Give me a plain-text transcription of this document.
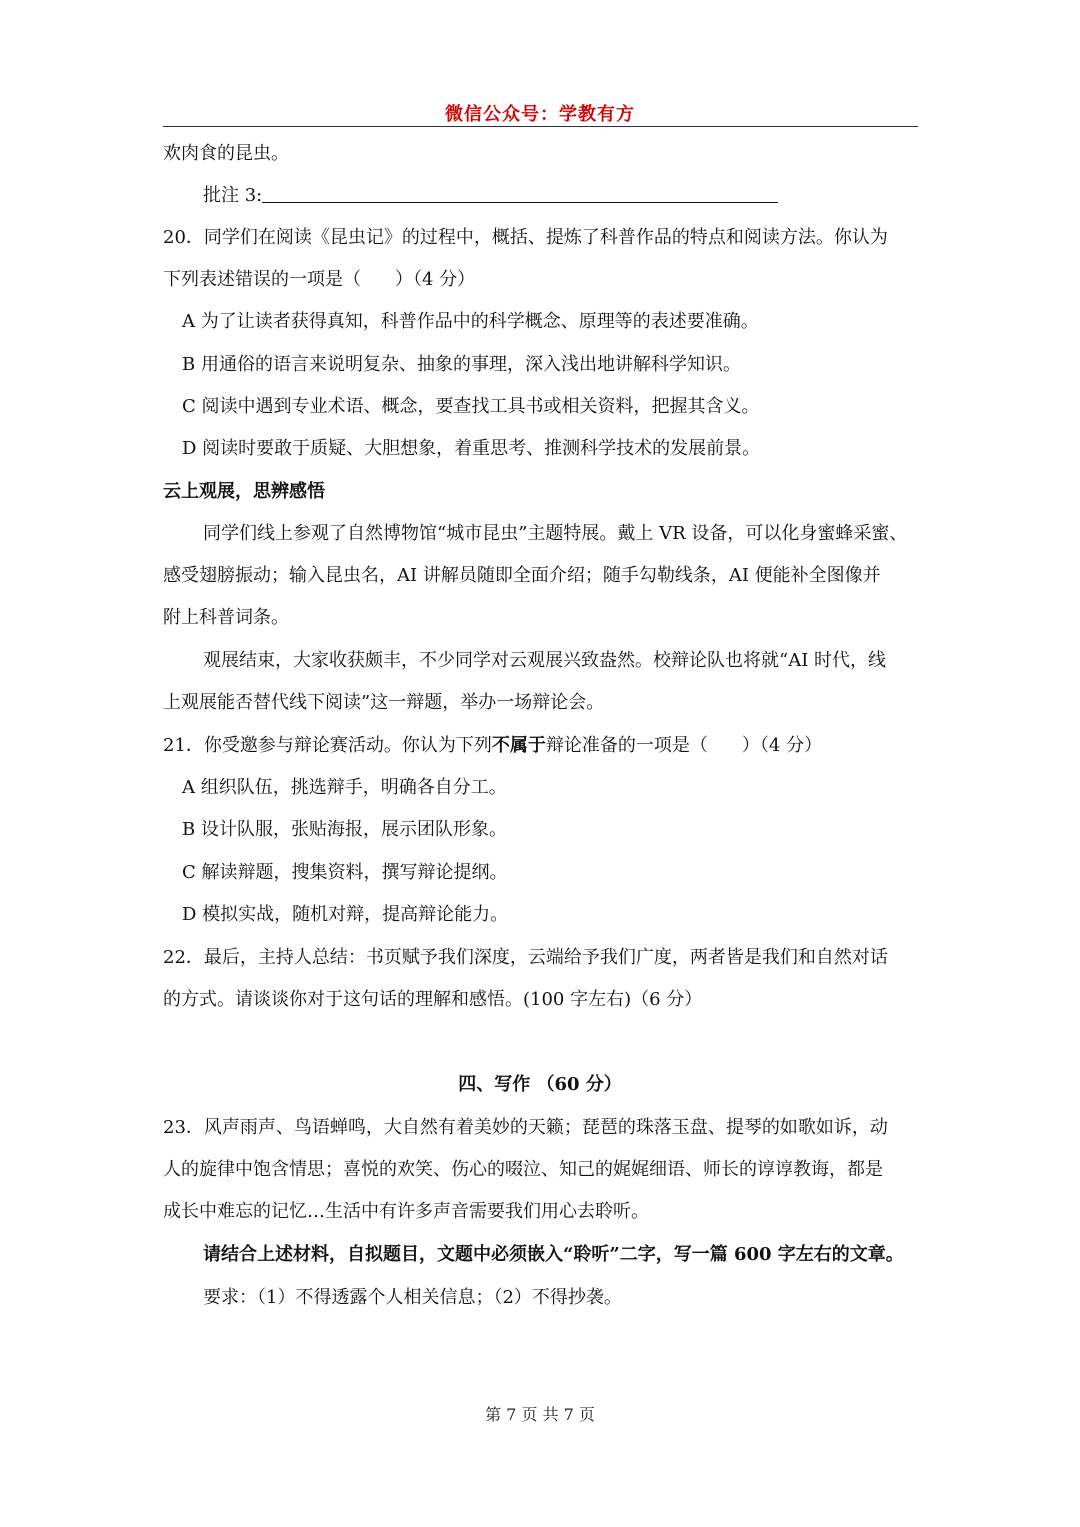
微信公众号：学教有方
欢肉食的昆虫。
批注 3:
20．同学们在阅读《昆虫记》的过程中，概括、提炼了科普作品的特点和阅读方法。你认为
下列表述错误的一项是（ ）（4 分）
A 为了让读者获得真知，科普作品中的科学概念、原理等的表述要准确。
B 用通俗的语言来说明复杂、抽象的事理，深入浅出地讲解科学知识。
C 阅读中遇到专业术语、概念，要查找工具书或相关资料，把握其含义。
D 阅读时要敢于质疑、大胆想象，着重思考、推测科学技术的发展前景。
云上观展，思辨感悟
同学们线上参观了自然博物馆“城市昆虫”主题特展。戴上 VR 设备，可以化身蜜蜂采蜜、
感受翅膀振动；输入昆虫名，AI 讲解员随即全面介绍；随手勾勒线条，AI 便能补全图像并
附上科普词条。
观展结束，大家收获颇丰，不少同学对云观展兴致盎然。校辩论队也将就“AI 时代，线
上观展能否替代线下阅读”这一辩题，举办一场辩论会。
21．你受邀参与辩论赛活动。你认为下列不属于辩论准备的一项是（ ）（4 分）
A 组织队伍，挑选辩手，明确各自分工。
B 设计队服，张贴海报，展示团队形象。
C 解读辩题，搜集资料，撰写辩论提纲。
D 模拟实战，随机对辩，提高辩论能力。
22．最后，主持人总结：书页赋予我们深度，云端给予我们广度，两者皆是我们和自然对话
的方式。请谈谈你对于这句话的理解和感悟。(100 字左右)（6 分）
四、写作 （60 分）
23．风声雨声、鸟语蝉鸣，大自然有着美妙的天籁；琵琶的珠落玉盘、提琴的如歌如诉，动
人的旋律中饱含情思；喜悦的欢笑、伤心的啜泣、知己的娓娓细语、师长的谆谆教诲，都是
成长中难忘的记忆…生活中有许多声音需要我们用心去聆听。
请结合上述材料，自拟题目，文题中必须嵌入“聆听”二字，写一篇 600 字左右的文章。
要求：（1）不得透露个人相关信息；（2）不得抄袭。
第 7 页 共 7 页
